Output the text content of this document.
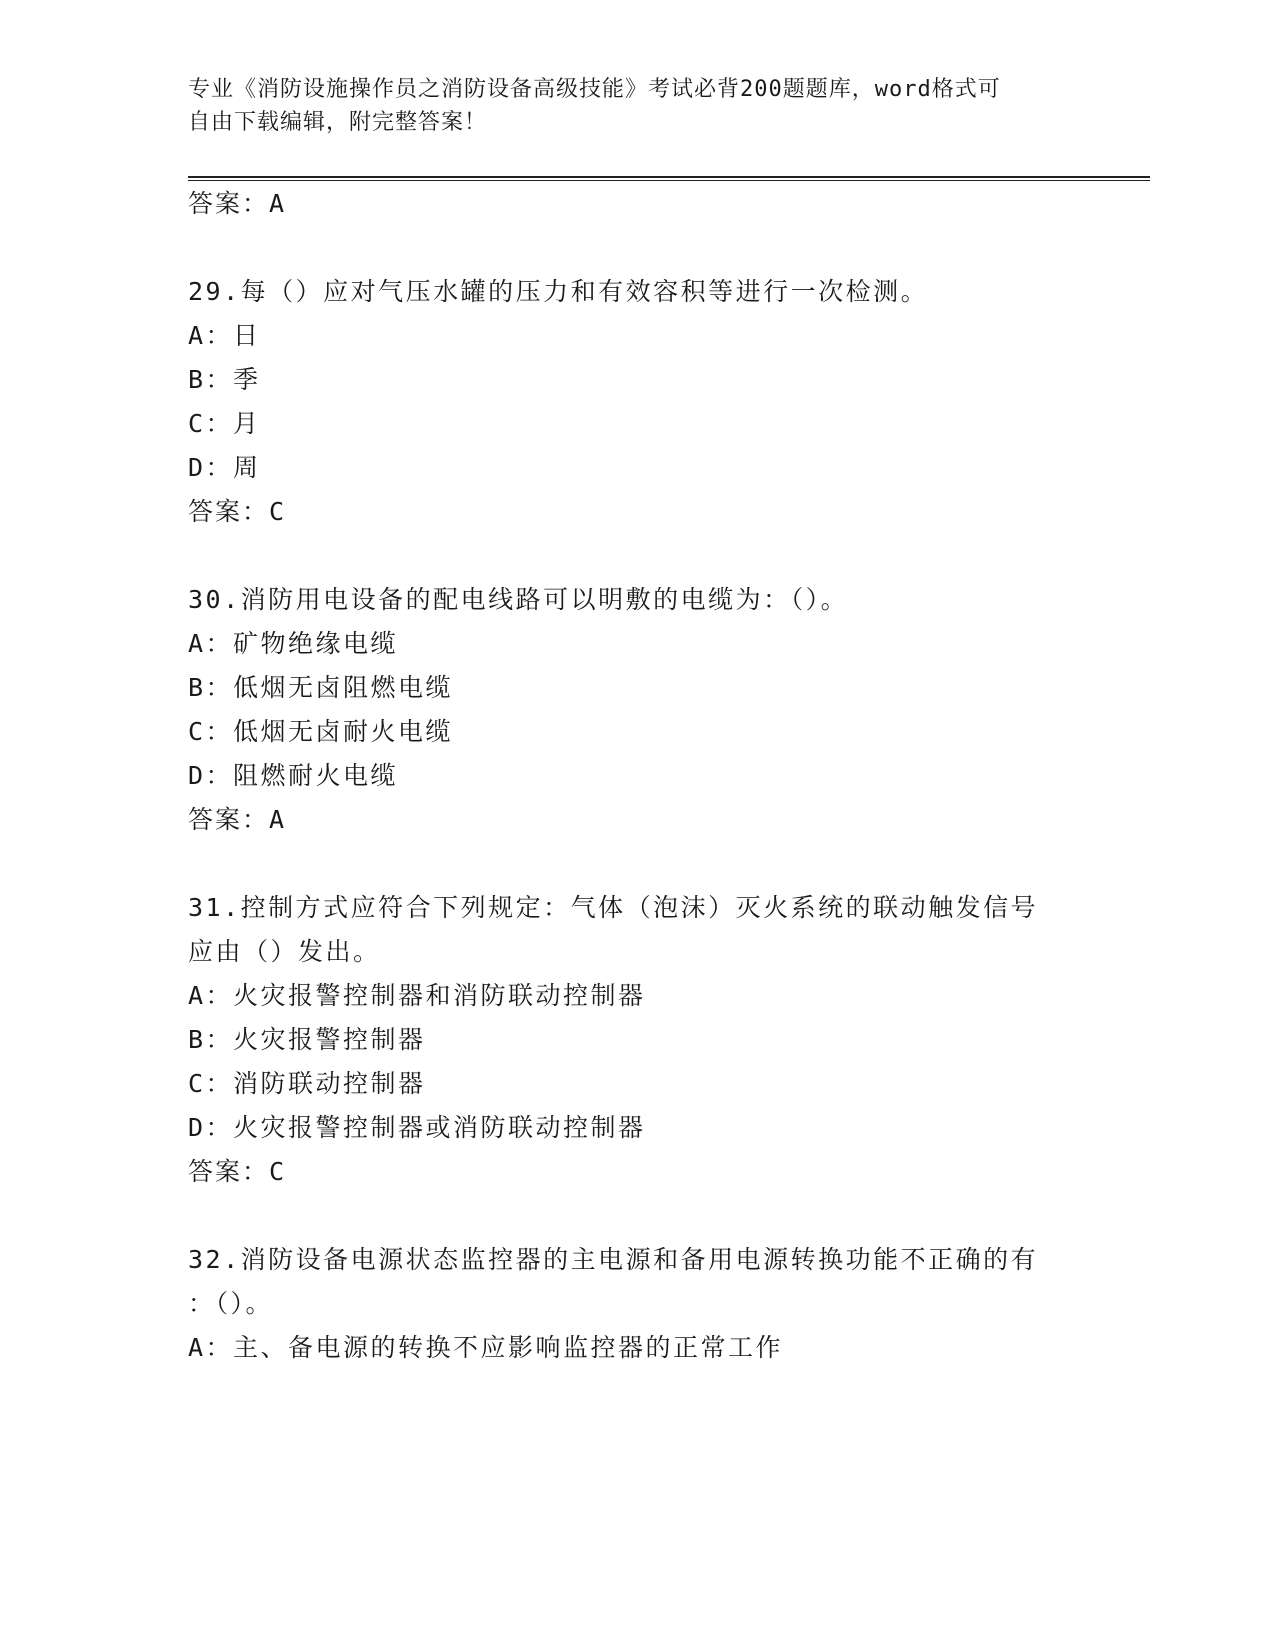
专业《消防设施操作员之消防设备高级技能》考试必背200题题库，word格式可
自由下载编辑，附完整答案！
答案：A
29.每（）应对气压水罐的压力和有效容积等进行一次检测。
A：日
B：季
C：月
D：周
答案：C
30.消防用电设备的配电线路可以明敷的电缆为：（）。
A：矿物绝缘电缆
B：低烟无卤阻燃电缆
C：低烟无卤耐火电缆
D：阻燃耐火电缆
答案：A
31.控制方式应符合下列规定：气体（泡沫）灭火系统的联动触发信号
应由（）发出。
A：火灾报警控制器和消防联动控制器
B：火灾报警控制器
C：消防联动控制器
D：火灾报警控制器或消防联动控制器
答案：C
32.消防设备电源状态监控器的主电源和备用电源转换功能不正确的有
：（）。
A：主、备电源的转换不应影响监控器的正常工作
